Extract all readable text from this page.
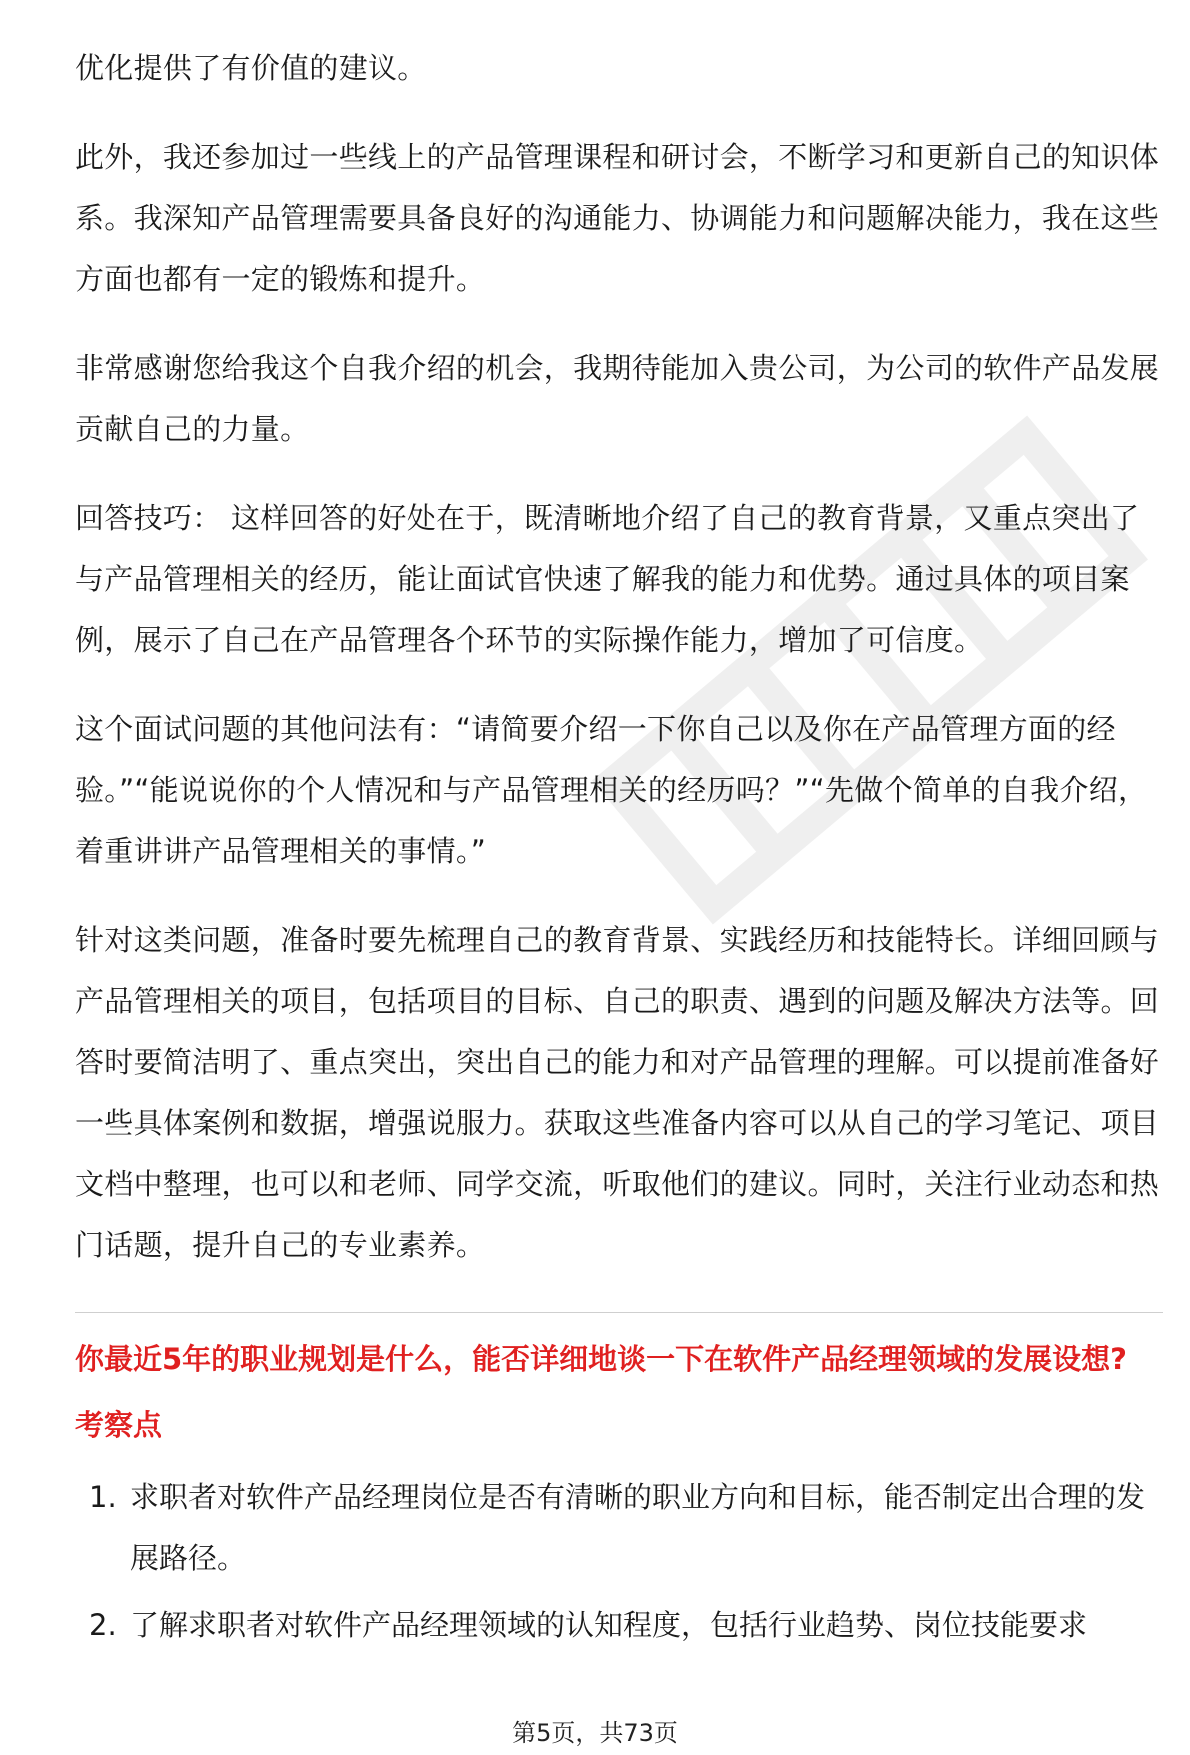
优化提供了有价值的建议。

此外，我还参加过一些线上的产品管理课程和研讨会，不断学习和更新自己的知识体系。我深知产品管理需要具备良好的沟通能力、协调能力和问题解决能力，我在这些方面也都有一定的锻炼和提升。

非常感谢您给我这个自我介绍的机会，我期待能加入贵公司，为公司的软件产品发展贡献自己的力量。

回答技巧： 这样回答的好处在于，既清晰地介绍了自己的教育背景，又重点突出了与产品管理相关的经历，能让面试官快速了解我的能力和优势。通过具体的项目案例，展示了自己在产品管理各个环节的实际操作能力，增加了可信度。

这个面试问题的其他问法有：“请简要介绍一下你自己以及你在产品管理方面的经验。”“能说说你的个人情况和与产品管理相关的经历吗？”“先做个简单的自我介绍，着重讲讲产品管理相关的事情。”

针对这类问题，准备时要先梳理自己的教育背景、实践经历和技能特长。详细回顾与产品管理相关的项目，包括项目的目标、自己的职责、遇到的问题及解决方法等。回答时要简洁明了、重点突出，突出自己的能力和对产品管理的理解。可以提前准备好一些具体案例和数据，增强说服力。获取这些准备内容可以从自己的学习笔记、项目文档中整理，也可以和老师、同学交流，听取他们的建议。同时，关注行业动态和热门话题，提升自己的专业素养。

你最近5年的职业规划是什么，能否详细地谈一下在软件产品经理领域的发展设想?
考察点
1. 求职者对软件产品经理岗位是否有清晰的职业方向和目标，能否制定出合理的发展路径。
2. 了解求职者对软件产品经理领域的认知程度，包括行业趋势、岗位技能要求
第5页，共73页
